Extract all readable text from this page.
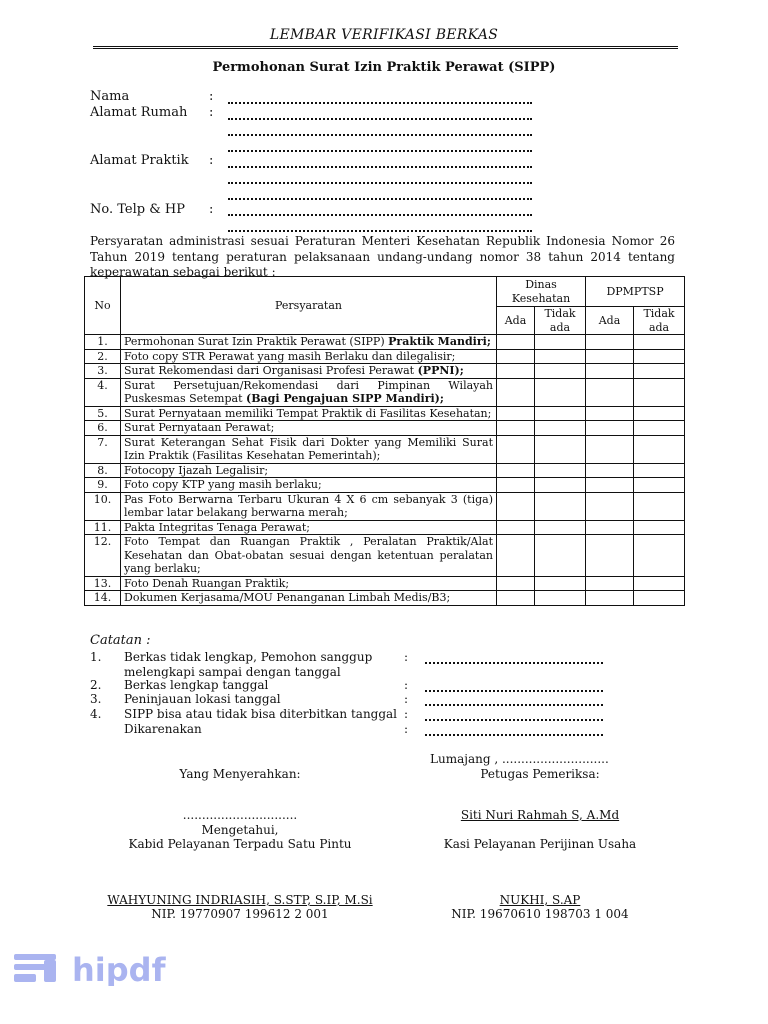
LEMBAR VERIFIKASI BERKAS
Permohonan Surat Izin Praktik Perawat (SIPP)
Nama	:
Alamat Rumah :
Alamat Praktik :
No. Telp & HP :
Persyaratan administrasi sesuai Peraturan Menteri Kesehatan Republik Indonesia Nomor 26 Tahun 2019 tentang peraturan pelaksanaan undang-undang nomor 38 tahun 2014 tentang keperawatan sebagai berikut :
No	Persyaratan	Dinas Kesehatan		DPMPTSP	
		Ada	Tidak ada	Ada	Tidak ada
1.	Permohonan Surat Izin Praktik Perawat (SIPP) Praktik Mandiri;				
2.	Foto copy STR Perawat yang masih Berlaku dan dilegalisir;				
3.	Surat Rekomendasi dari Organisasi Profesi Perawat (PPNI);				
4.	Surat Persetujuan/Rekomendasi dari Pimpinan Wilayah Puskesmas Setempat (Bagi Pengajuan SIPP Mandiri);				
5.	Surat Pernyataan memiliki Tempat Praktik di Fasilitas Kesehatan;				
6.	Surat Pernyataan Perawat;				
7.	Surat Keterangan Sehat Fisik dari Dokter yang Memiliki Surat Izin Praktik (Fasilitas Kesehatan Pemerintah);				
8.	Fotocopy Ijazah Legalisir;				
9.	Foto copy KTP yang masih berlaku;				
10.	Pas Foto Berwarna Terbaru Ukuran 4 X 6 cm sebanyak 3 (tiga) lembar latar belakang berwarna merah;				
11.	Pakta Integritas Tenaga Perawat;				
12.	Foto Tempat dan Ruangan Praktik , Peralatan Praktik/Alat Kesehatan dan Obat-obatan sesuai dengan ketentuan peralatan yang berlaku;				
13.	Foto Denah Ruangan Praktik;				
14.	Dokumen Kerjasama/MOU Penanganan Limbah Medis/B3;				
Catatan :
1. Berkas tidak lengkap, Pemohon sanggup melengkapi sampai dengan tanggal
:
2. Berkas lengkap tanggal	:
3. Peninjauan lokasi tanggal	:
4. SIPP bisa atau tidak bisa diterbitkan tanggal :
Dikarenakan	:
Lumajang , ............................
Yang Menyerahkan:	Petugas Pemeriksa:
..............................	Siti Nuri Rahmah S, A.Md
Mengetahui,
Kabid Pelayanan Terpadu Satu Pintu	Kasi Pelayanan Perijinan Usaha
WAHYUNING INDRIASIH, S.STP, S.IP, M.Si	NUKHI, S.AP
NIP. 19770907 199612 2 001	NIP. 19670610 198703 1 004
hipdf
